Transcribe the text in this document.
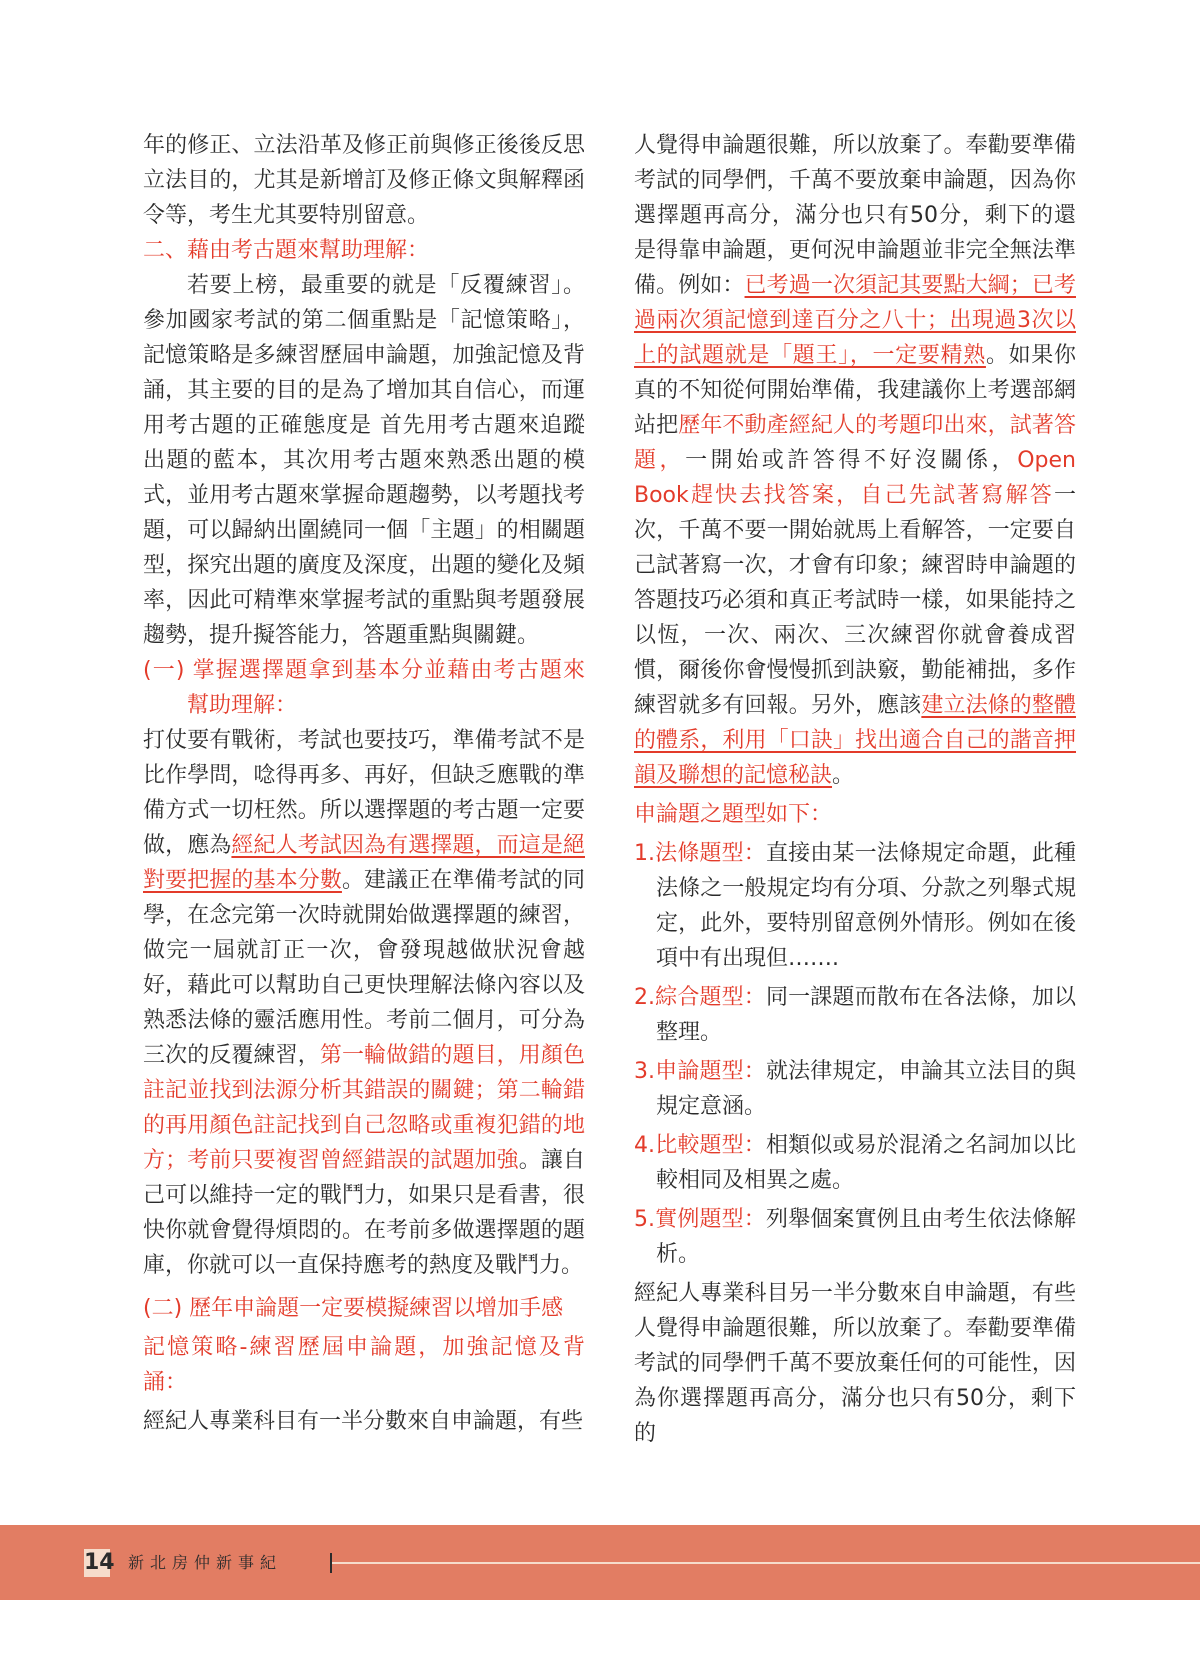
年的修正、立法沿革及修正前與修正後後反思立法目的，尤其是新增訂及修正條文與解釋函令等，考生尤其要特別留意。

二、藉由考古題來幫助理解：

若要上榜，最重要的就是「反覆練習」。參加國家考試的第二個重點是「記憶策略」，記憶策略是多練習歷屆申論題，加強記憶及背誦，其主要的目的是為了增加其自信心，而運用考古題的正確態度是 首先用考古題來追蹤出題的藍本，其次用考古題來熟悉出題的模式，並用考古題來掌握命題趨勢，以考題找考題，可以歸納出圍繞同一個「主題」的相關題型，探究出題的廣度及深度，出題的變化及頻率，因此可精準來掌握考試的重點與考題發展趨勢，提升擬答能力，答題重點與關鍵。

(一) 掌握選擇題拿到基本分並藉由考古題來幫助理解：

打仗要有戰術，考試也要技巧，準備考試不是比作學問，唸得再多、再好，但缺乏應戰的準備方式一切枉然。所以選擇題的考古題一定要做，應為經紀人考試因為有選擇題，而這是絕對要把握的基本分數。建議正在準備考試的同學，在念完第一次時就開始做選擇題的練習，做完一屆就訂正一次，會發現越做狀況會越好，藉此可以幫助自己更快理解法條內容以及熟悉法條的靈活應用性。考前二個月，可分為三次的反覆練習，第一輪做錯的題目，用顏色註記並找到法源分析其錯誤的關鍵；第二輪錯的再用顏色註記找到自己忽略或重複犯錯的地方；考前只要複習曾經錯誤的試題加強。讓自己可以維持一定的戰鬥力，如果只是看書，很快你就會覺得煩悶的。在考前多做選擇題的題庫，你就可以一直保持應考的熱度及戰鬥力。

(二) 歷年申論題一定要模擬練習以增加手感

記憶策略-練習歷屆申論題，加強記憶及背誦：

經紀人專業科目有一半分數來自申論題，有些

人覺得申論題很難，所以放棄了。奉勸要準備考試的同學們，千萬不要放棄申論題，因為你選擇題再高分，滿分也只有50分，剩下的還是得靠申論題，更何況申論題並非完全無法準備。例如：已考過一次須記其要點大綱；已考過兩次須記憶到達百分之八十；出現過3次以上的試題就是「題王」，一定要精熟。如果你真的不知從何開始準備，我建議你上考選部網站把歷年不動產經紀人的考題印出來，試著答題，一開始或許答得不好沒關係，Open Book趕快去找答案，自己先試著寫解答一次，千萬不要一開始就馬上看解答，一定要自己試著寫一次，才會有印象；練習時申論題的答題技巧必須和真正考試時一樣，如果能持之以恆，一次、兩次、三次練習你就會養成習慣，爾後你會慢慢抓到訣竅，勤能補拙，多作練習就多有回報。另外，應該建立法條的整體的體系，利用「口訣」找出適合自己的諧音押韻及聯想的記憶秘訣。

申論題之題型如下：

1.法條題型：直接由某一法條規定命題，此種法條之一般規定均有分項、分款之列舉式規定，此外，要特別留意例外情形。例如在後項中有出現但…….

2.綜合題型：同一課題而散布在各法條，加以整理。

3.申論題型：就法律規定，申論其立法目的與規定意涵。

4.比較題型：相類似或易於混淆之名詞加以比較相同及相異之處。

5.實例題型：列舉個案實例且由考生依法條解析。

經紀人專業科目另一半分數來自申論題，有些人覺得申論題很難，所以放棄了。奉勸要準備考試的同學們千萬不要放棄任何的可能性，因為你選擇題再高分，滿分也只有50分，剩下的

14 新北房仲新事紀
